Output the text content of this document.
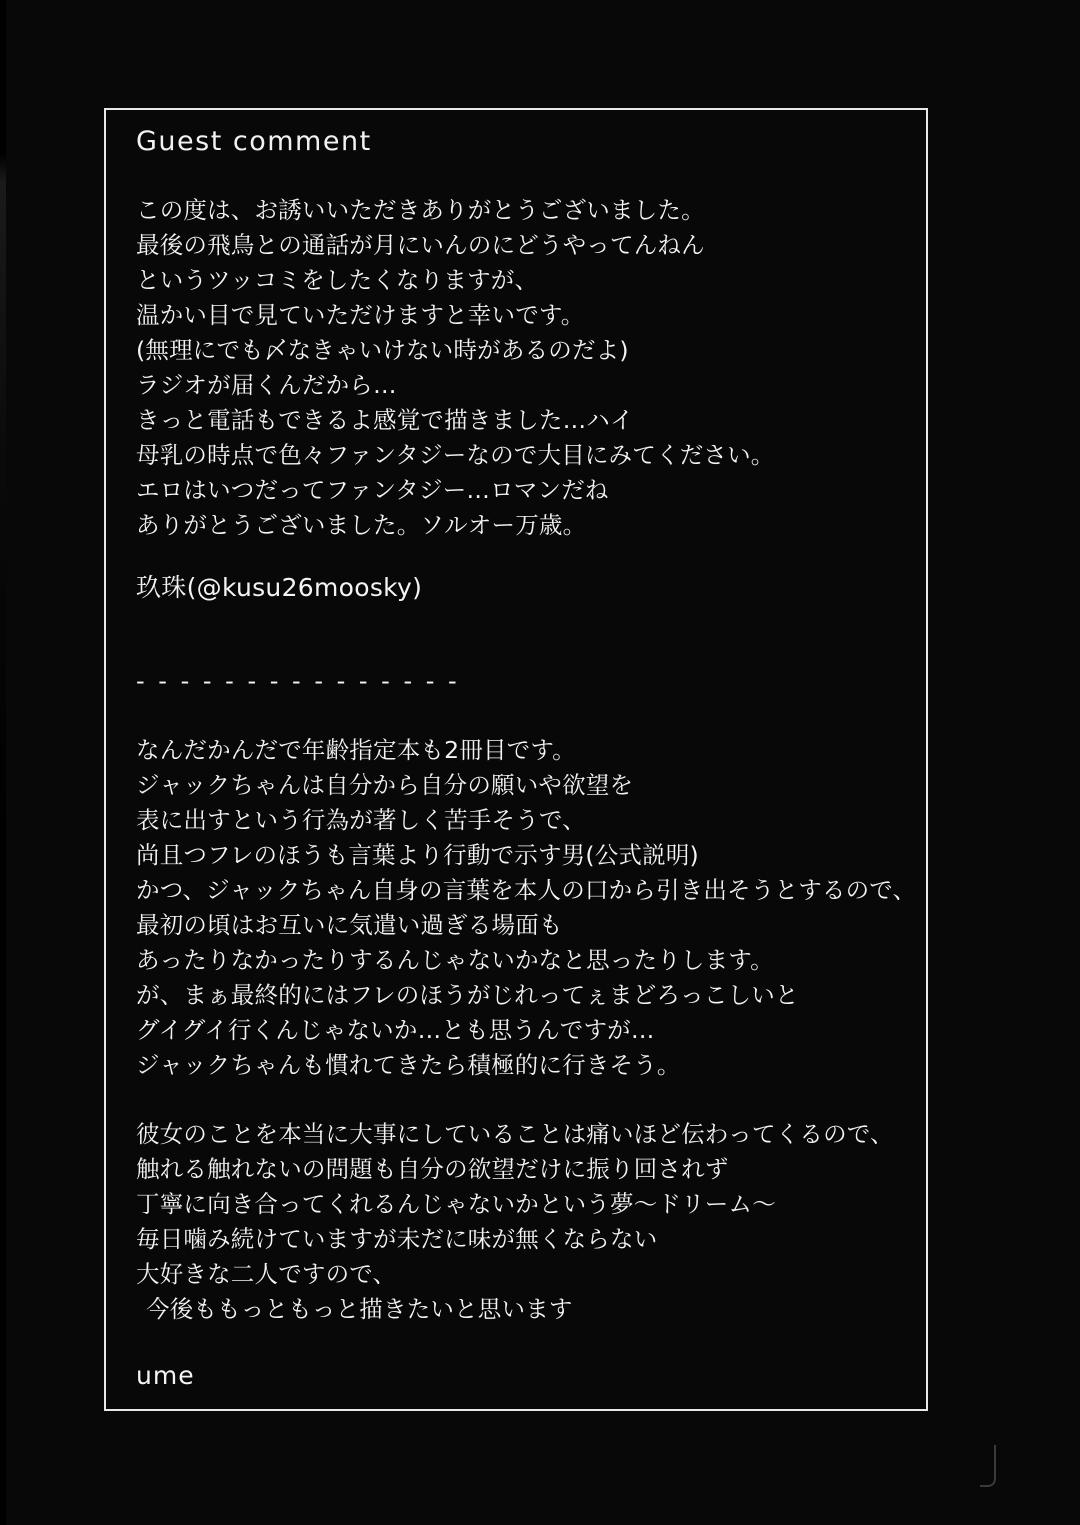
Guest comment
この度は、お誘いいただきありがとうございました。
最後の飛鳥との通話が月にいんのにどうやってんねん
というツッコミをしたくなりますが、
温かい目で見ていただけますと幸いです。
(無理にでも〆なきゃいけない時があるのだよ)
ラジオが届くんだから…
きっと電話もできるよ感覚で描きました…ハイ
母乳の時点で色々ファンタジーなので大目にみてください。
エロはいつだってファンタジー…ロマンだね
ありがとうございました。ソルオー万歳。
玖珠(@kusu26moosky)
- - - - - - - - - - - - - - -
なんだかんだで年齢指定本も2冊目です。
ジャックちゃんは自分から自分の願いや欲望を
表に出すという行為が著しく苦手そうで、
尚且つフレのほうも言葉より行動で示す男(公式説明)
かつ、ジャックちゃん自身の言葉を本人の口から引き出そうとするので、
最初の頃はお互いに気遣い過ぎる場面も
あったりなかったりするんじゃないかなと思ったりします。
が、まぁ最終的にはフレのほうがじれってぇまどろっこしいと
グイグイ行くんじゃないか…とも思うんですが…
ジャックちゃんも慣れてきたら積極的に行きそう。
彼女のことを本当に大事にしていることは痛いほど伝わってくるので、
触れる触れないの問題も自分の欲望だけに振り回されず
丁寧に向き合ってくれるんじゃないかという夢〜ドリーム〜
毎日噛み続けていますが未だに味が無くならない
大好きな二人ですので、
今後ももっともっと描きたいと思います
ume
